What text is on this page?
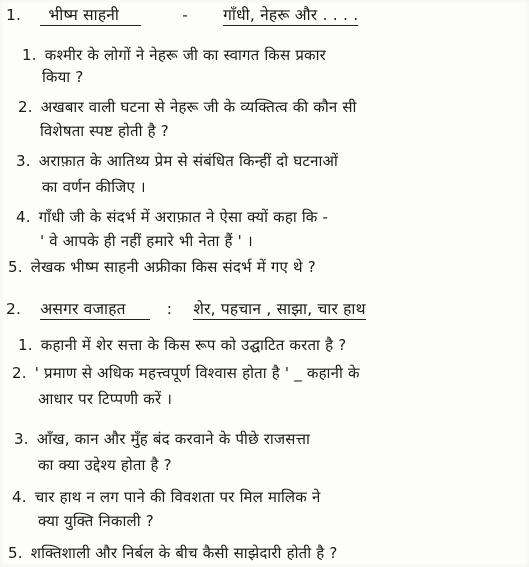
1. भीष्म साहनी	- गाँधी, नेहरू और . . . .
1. कश्मीर के लोगों ने नेहरू जी का स्वागत किस प्रकार
किया ?
2. अखबार वाली घटना से नेहरू जी के व्यक्तित्व की कौन सी
विशेषता स्पष्ट होती है ?
3. अराफ़ात के आतिथ्य प्रेम से संबंधित किन्हीं दो घटनाओं
का वर्णन कीजिए ।
4. गाँधी जी के संदर्भ में अराफ़ात ने ऐसा क्यों कहा कि -
' वे आपके ही नहीं हमारे भी नेता हैं ' ।
5. लेखक भीष्म साहनी अफ्रीका किस संदर्भ में गए थे ?
2. असगर वजाहत	: शेर, पहचान , साझा, चार हाथ
1. कहानी में शेर सत्ता के किस रूप को उद्घाटित करता है ?
2. ' प्रमाण से अधिक महत्त्वपूर्ण विश्वास होता है ' _ कहानी के
आधार पर टिप्पणी करें ।
3. आँख, कान और मुँह बंद करवाने के पीछे राजसत्ता
का क्या उद्देश्य होता है ?
4. चार हाथ न लग पाने की विवशता पर मिल मालिक ने
क्या युक्ति निकाली ?
5. शक्तिशाली और निर्बल के बीच कैसी साझेदारी होती है ?
